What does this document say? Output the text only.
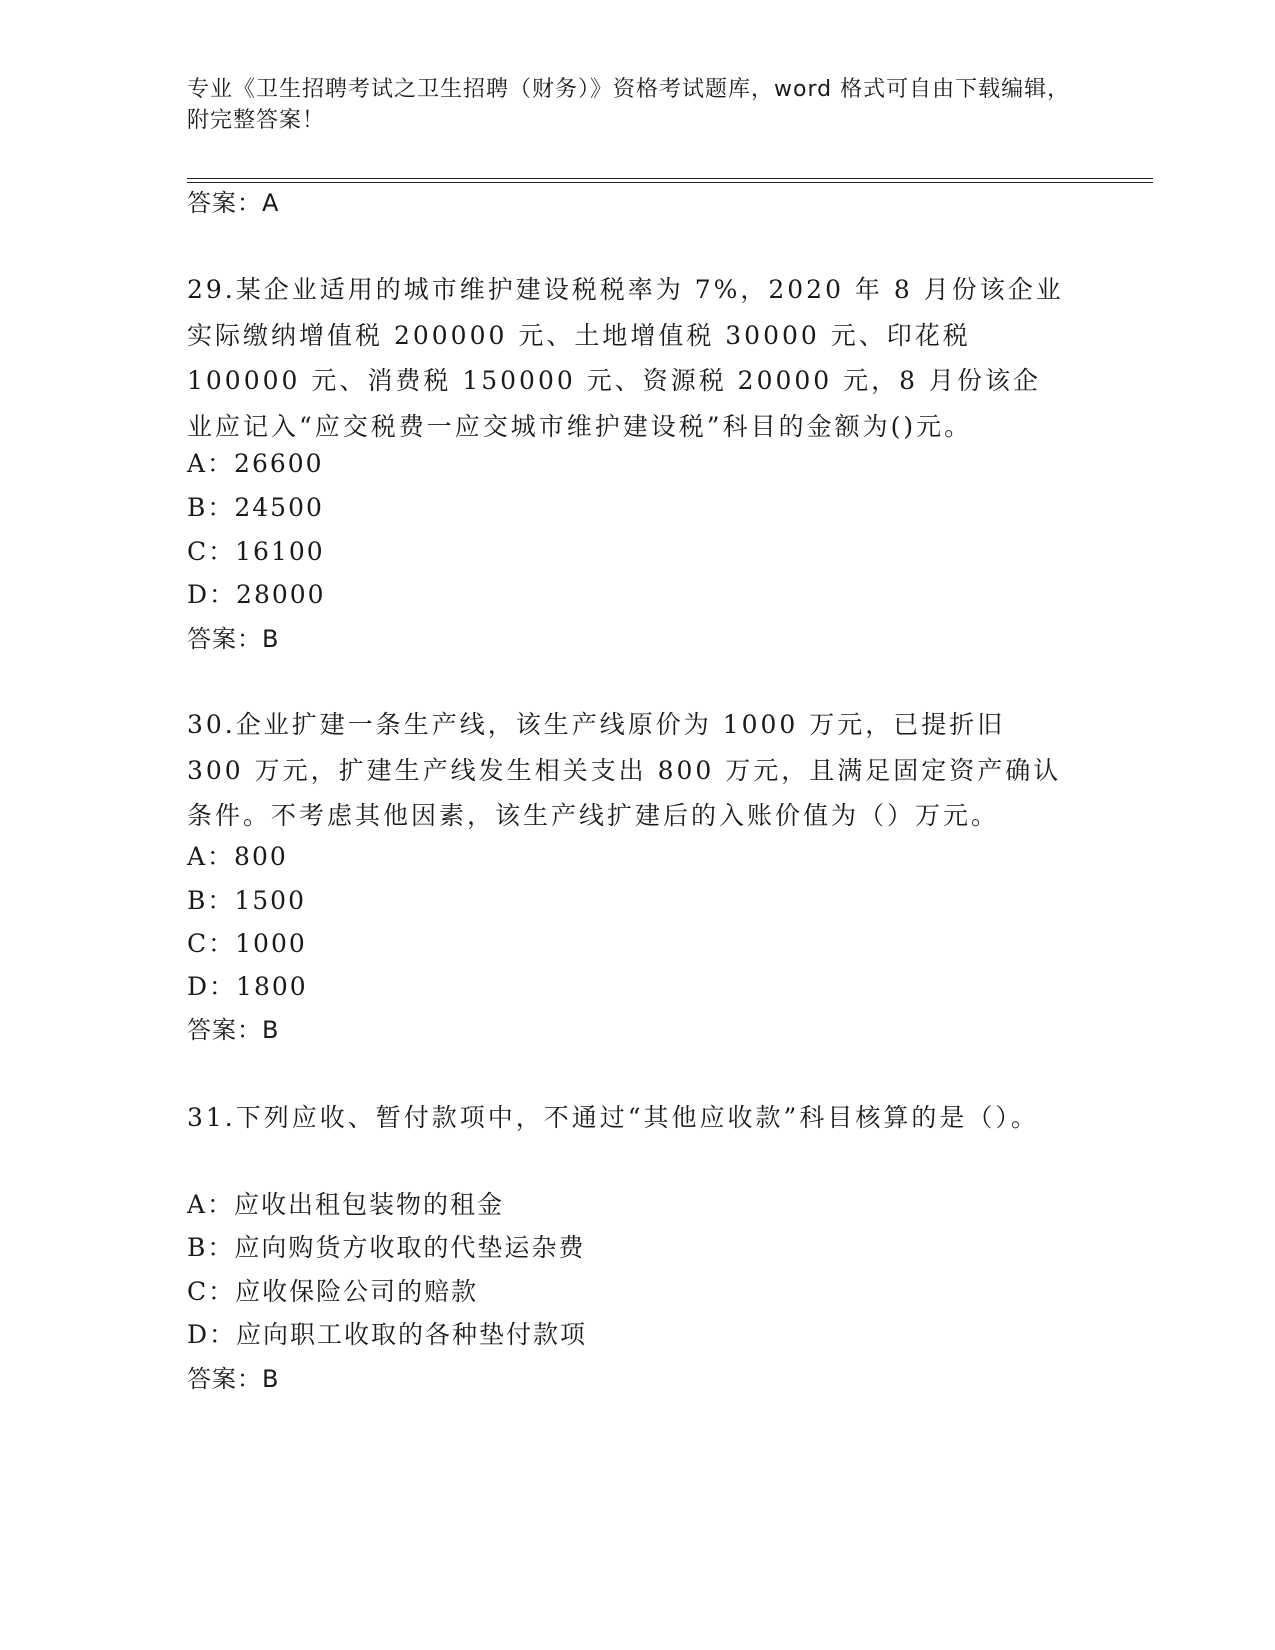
专业《卫生招聘考试之卫生招聘（财务）》资格考试题库，word 格式可自由下载编辑，附完整答案！
答案：A
29.某企业适用的城市维护建设税税率为 7%，2020 年 8 月份该企业实际缴纳增值税 200000 元、土地增值税 30000 元、印花税 100000 元、消费税 150000 元、资源税 20000 元，8 月份该企业应记入“应交税费一应交城市维护建设税”科目的金额为()元。
A：26600
B：24500
C：16100
D：28000
答案：B
30.企业扩建一条生产线，该生产线原价为 1000 万元，已提折旧 300 万元，扩建生产线发生相关支出 800 万元，且满足固定资产确认条件。不考虑其他因素，该生产线扩建后的入账价值为（）万元。
A：800
B：1500
C：1000
D：1800
答案：B
31.下列应收、暂付款项中，不通过“其他应收款”科目核算的是（）。
A：应收出租包装物的租金
B：应向购货方收取的代垫运杂费
C：应收保险公司的赔款
D：应向职工收取的各种垫付款项
答案：B
